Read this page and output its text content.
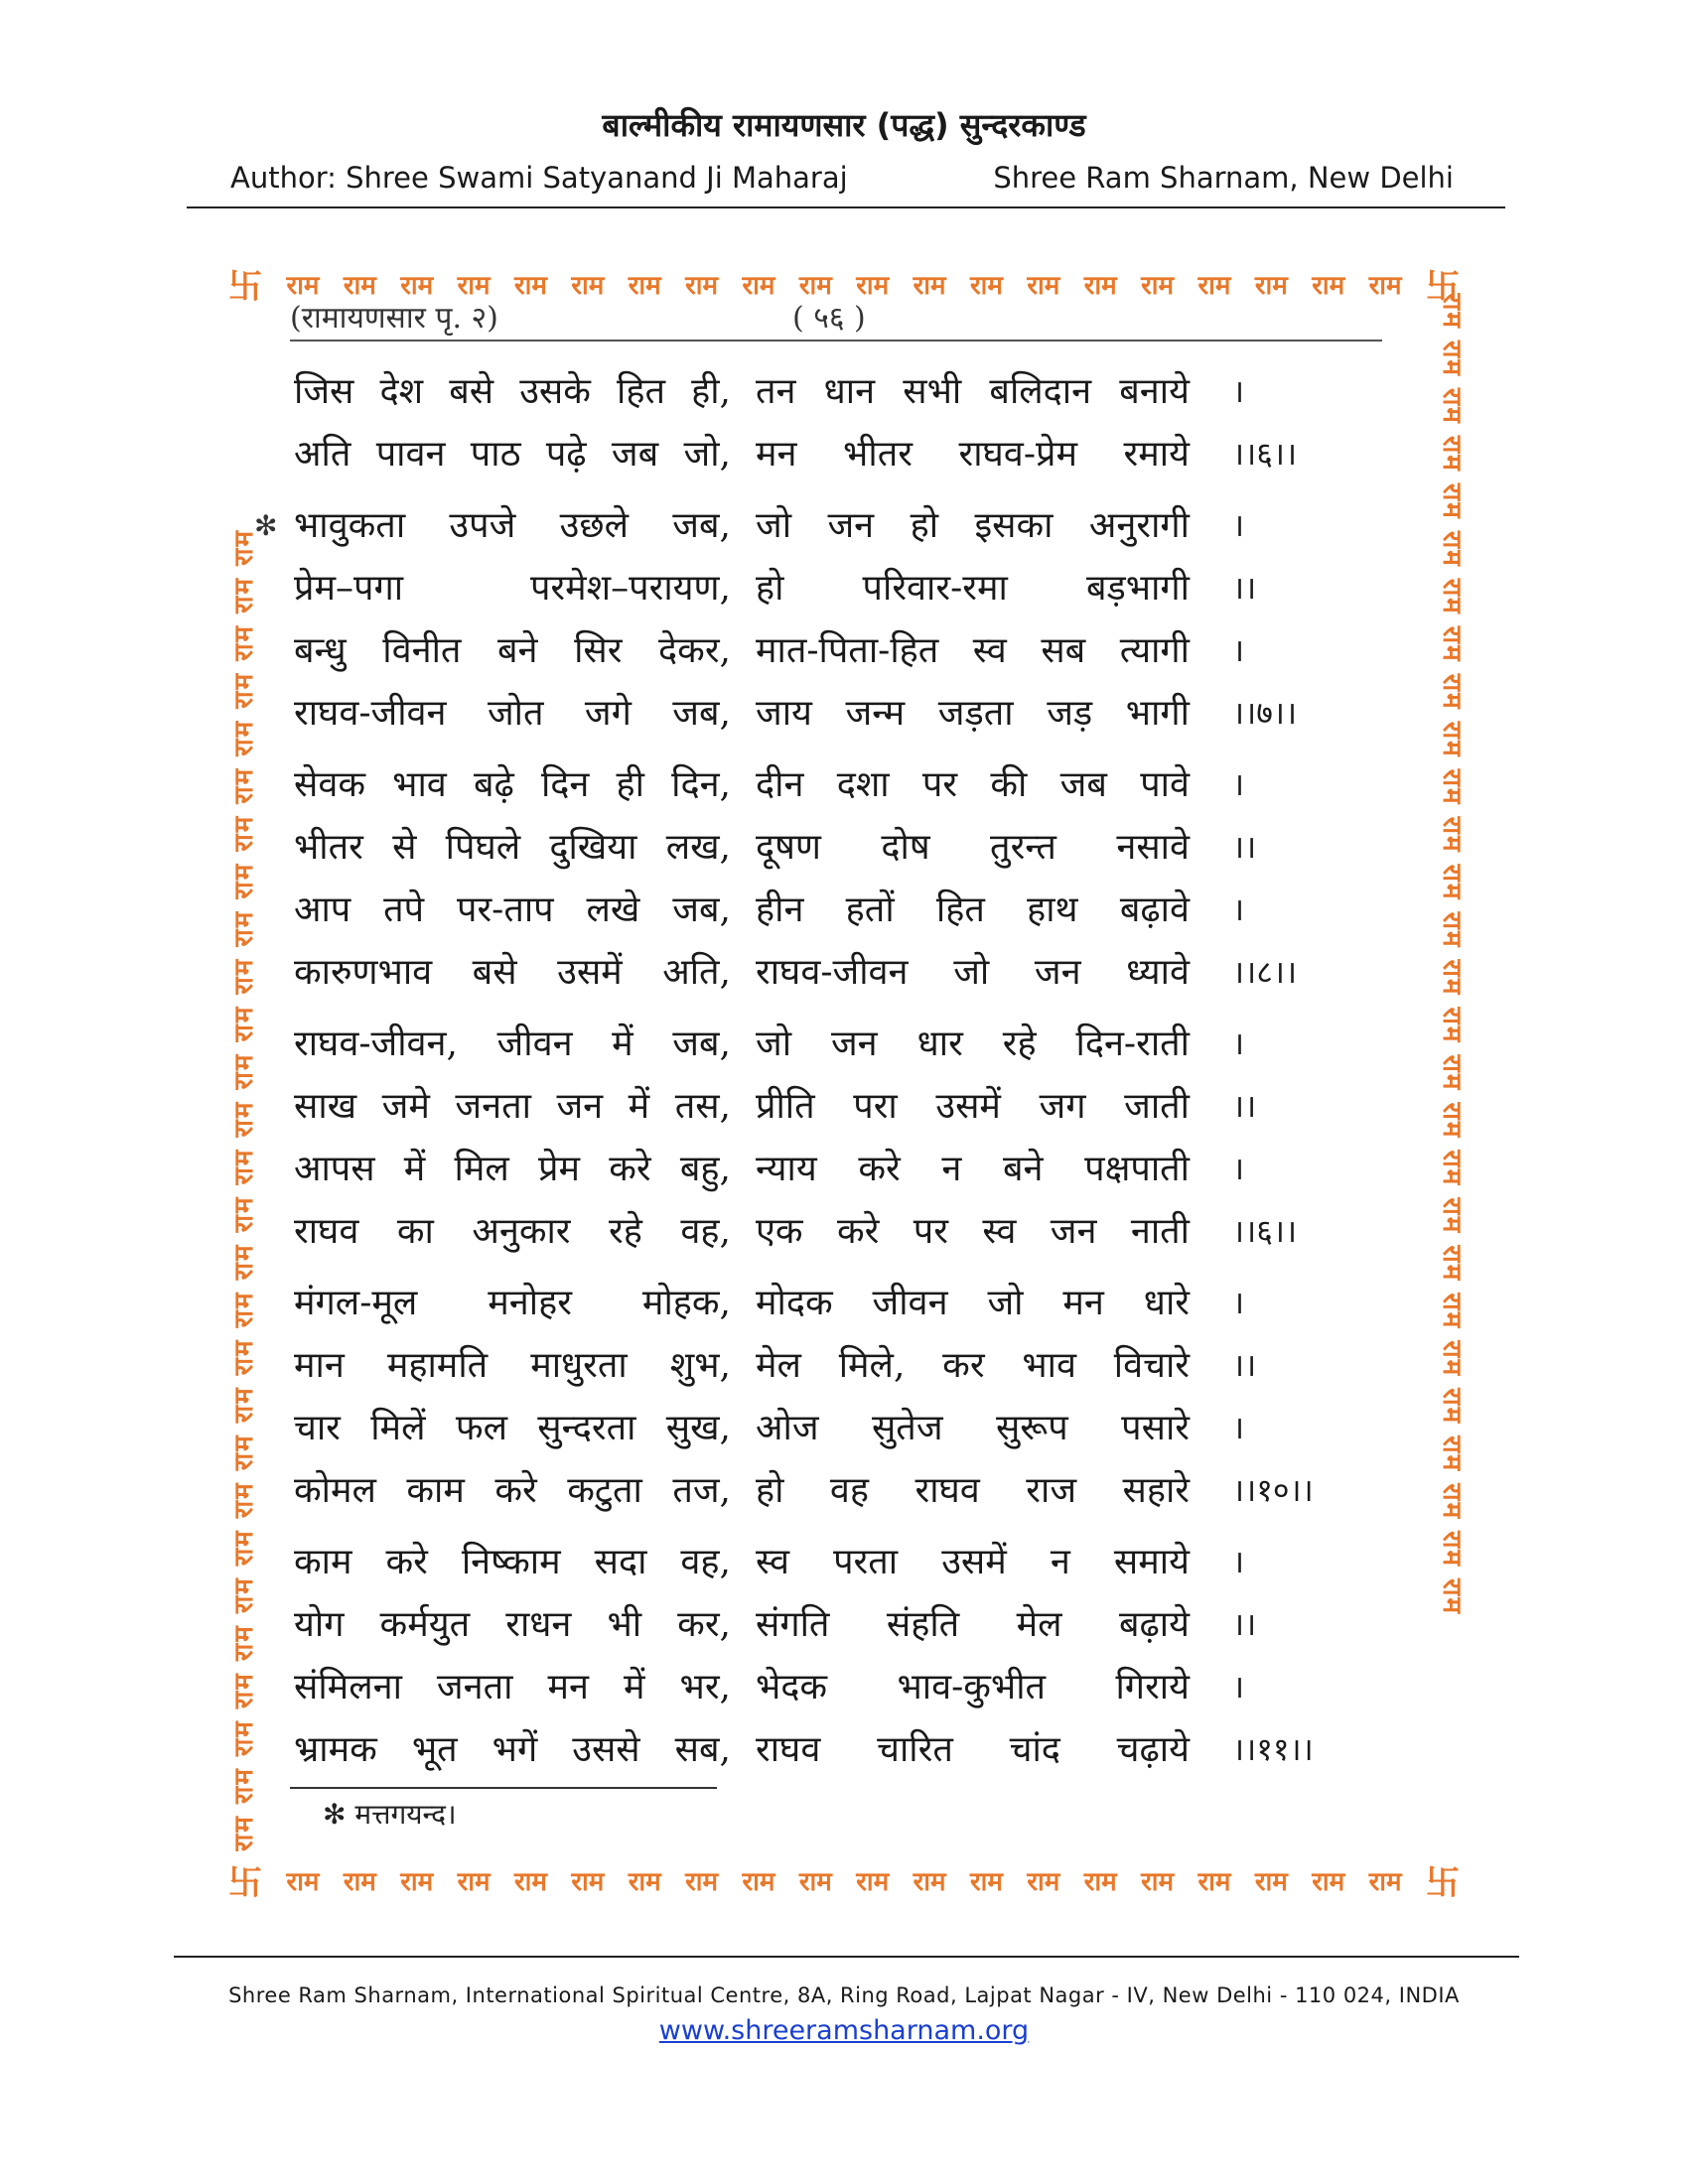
बाल्मीकीय रामायणसार (पद्ध) सुन्दरकाण्ड
Author: Shree Swami Satyanand Ji Maharaj	Shree Ram Sharnam, New Delhi
卐 राम राम राम राम राम राम राम राम राम राम राम राम राम राम राम राम राम राम राम राम 卐
राम राम राम राम राम राम राम राम राम राम राम राम राम राम राम राम राम राम राम राम राम राम राम राम राम राम राम राम	राम राम राम राम राम राम राम राम राम राम राम राम राम राम राम राम राम राम राम राम राम राम राम राम राम राम राम राम
卐 राम राम राम राम राम राम राम राम राम राम राम राम राम राम राम राम राम राम राम राम 卐
(रामायणसार पृ. २)	( ५६ )
जिस देश बसे उसके हित ही, तन धान सभी बलिदान बनाये ।
अति पावन पाठ पढ़े जब जो, मन भीतर राघव-प्रेम रमाये ।।६।।
✻ भावुकता उपजे उछले जब, जो जन हो इसका अनुरागी ।
प्रेम–पगा परमेश–परायण, हो परिवार-रमा बड़भागी ।।
बन्धु विनीत बने सिर देकर, मात-पिता-हित स्व सब त्यागी ।
राघव-जीवन जोत जगे जब, जाय जन्म जड़ता जड़ भागी ।।७।।
सेवक भाव बढ़े दिन ही दिन, दीन दशा पर की जब पावे ।
भीतर से पिघले दुखिया लख, दूषण दोष तुरन्त नसावे ।।
आप तपे पर-ताप लखे जब, हीन हतों हित हाथ बढ़ावे ।
कारुणभाव बसे उसमें अति, राघव-जीवन जो जन ध्यावे ।।८।।
राघव-जीवन, जीवन में जब, जो जन धार रहे दिन-राती ।
साख जमे जनता जन में तस, प्रीति परा उसमें जग जाती ।।
आपस में मिल प्रेम करे बहु, न्याय करे न बने पक्षपाती ।
राघव का अनुकार रहे वह, एक करे पर स्व जन नाती ।।६।।
मंगल-मूल मनोहर मोहक, मोदक जीवन जो मन धारे ।
मान महामति माधुरता शुभ, मेल मिले, कर भाव विचारे ।।
चार मिलें फल सुन्दरता सुख, ओज सुतेज सुरूप पसारे ।
कोमल काम करे कटुता तज, हो वह राघव राज सहारे ।।१०।।
काम करे निष्काम सदा वह, स्व परता उसमें न समाये ।
योग कर्मयुत राधन भी कर, संगति संहति मेल बढ़ाये ।।
संमिलना जनता मन में भर, भेदक भाव-कुभीत गिराये ।
भ्रामक भूत भगें उससे सब, राघव चारित चांद चढ़ाये ।।११।।
✻ मत्तगयन्द।
Shree Ram Sharnam, International Spiritual Centre, 8A, Ring Road, Lajpat Nagar - IV, New Delhi - 110 024, INDIA
www.shreeramsharnam.org
